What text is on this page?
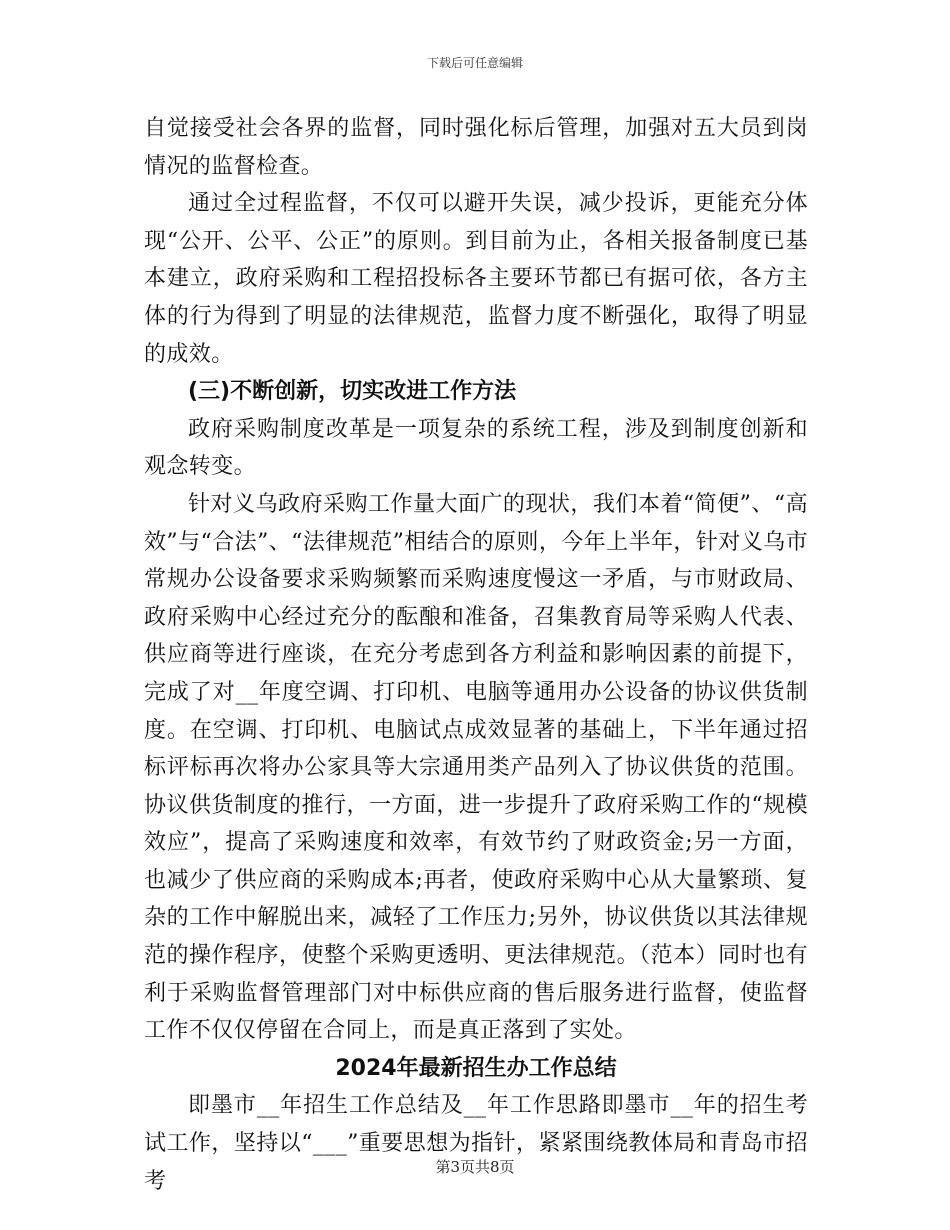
下载后可任意编辑

自觉接受社会各界的监督，同时强化标后管理，加强对五大员到岗情况的监督检查。

通过全过程监督，不仅可以避开失误，减少投诉，更能充分体现“公开、公平、公正”的原则。到目前为止，各相关报备制度已基本建立，政府采购和工程招投标各主要环节都已有据可依，各方主体的行为得到了明显的法律规范，监督力度不断强化，取得了明显的成效。

(三)不断创新，切实改进工作方法

政府采购制度改革是一项复杂的系统工程，涉及到制度创新和观念转变。

针对义乌政府采购工作量大面广的现状，我们本着“简便”、“高效”与“合法”、“法律规范”相结合的原则，今年上半年，针对义乌市常规办公设备要求采购频繁而采购速度慢这一矛盾，与市财政局、政府采购中心经过充分的酝酿和准备，召集教育局等采购人代表、供应商等进行座谈，在充分考虑到各方利益和影响因素的前提下，完成了对__年度空调、打印机、电脑等通用办公设备的协议供货制度。在空调、打印机、电脑试点成效显著的基础上，下半年通过招标评标再次将办公家具等大宗通用类产品列入了协议供货的范围。协议供货制度的推行，一方面，进一步提升了政府采购工作的“规模效应”，提高了采购速度和效率，有效节约了财政资金;另一方面，也减少了供应商的采购成本;再者，使政府采购中心从大量繁琐、复杂的工作中解脱出来，减轻了工作压力;另外，协议供货以其法律规范的操作程序，使整个采购更透明、更法律规范。（范本）同时也有利于采购监督管理部门对中标供应商的售后服务进行监督，使监督工作不仅仅停留在合同上，而是真正落到了实处。

2024年最新招生办工作总结

即墨市__年招生工作总结及__年工作思路即墨市__年的招生考试工作，坚持以“___”重要思想为指针，紧紧围绕教体局和青岛市招考

第3页共8页
